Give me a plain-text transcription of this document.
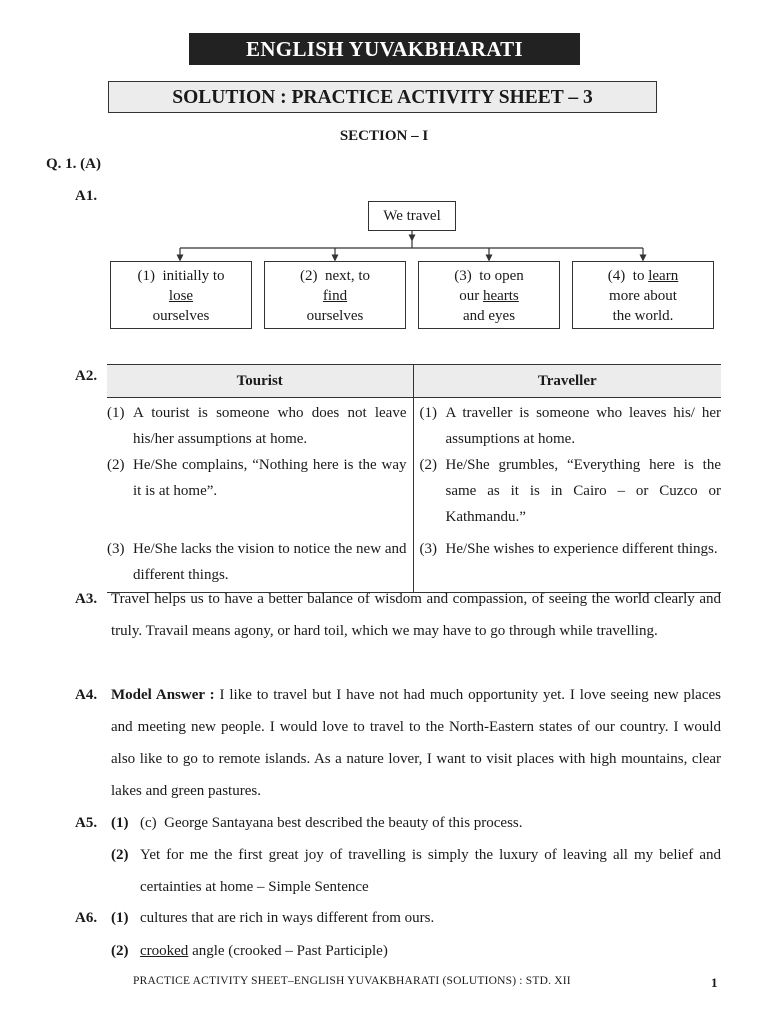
ENGLISH YUVAKBHARATI
SOLUTION : PRACTICE ACTIVITY SHEET – 3
SECTION – I
Q. 1. (A)
A1.
We travel
(1) initially to
lose
ourselves
(2) next, to
find
ourselves
(3) to open
our hearts
and eyes
(4) to learn
more about
the world.
A2.	Tourist	Traveller

(1) A tourist is someone who does not leave his/her assumptions at home.	(1) A traveller is someone who leaves his/ her assumptions at home.

(2) He/She complains, “Nothing here is the way it is at home”.	(2) He/She grumbles, “Everything here is the same as it is in Cairo – or Cuzco or Kathmandu.”

(3) He/She lacks the vision to notice the new and different things.	(3) He/She wishes to experience different things.
A3. Travel helps us to have a better balance of wisdom and compassion, of seeing the world clearly and truly. Travail means agony, or hard toil, which we may have to go through while travelling.
A4. Model Answer : I like to travel but I have not had much opportunity yet. I love seeing new places and meeting new people. I would love to travel to the North-Eastern states of our country. I would also like to go to remote islands. As a nature lover, I want to visit places with high mountains, clear lakes and green pastures.
A5. (1) (c) George Santayana best described the beauty of this process.
(2) Yet for me the first great joy of travelling is simply the luxury of leaving all my belief and certainties at home – Simple Sentence
A6. (1) cultures that are rich in ways different from ours.
(2) crooked angle (crooked – Past Participle)
PRACTICE ACTIVITY SHEET–ENGLISH YUVAKBHARATI (SOLUTIONS) : STD. XII	1
